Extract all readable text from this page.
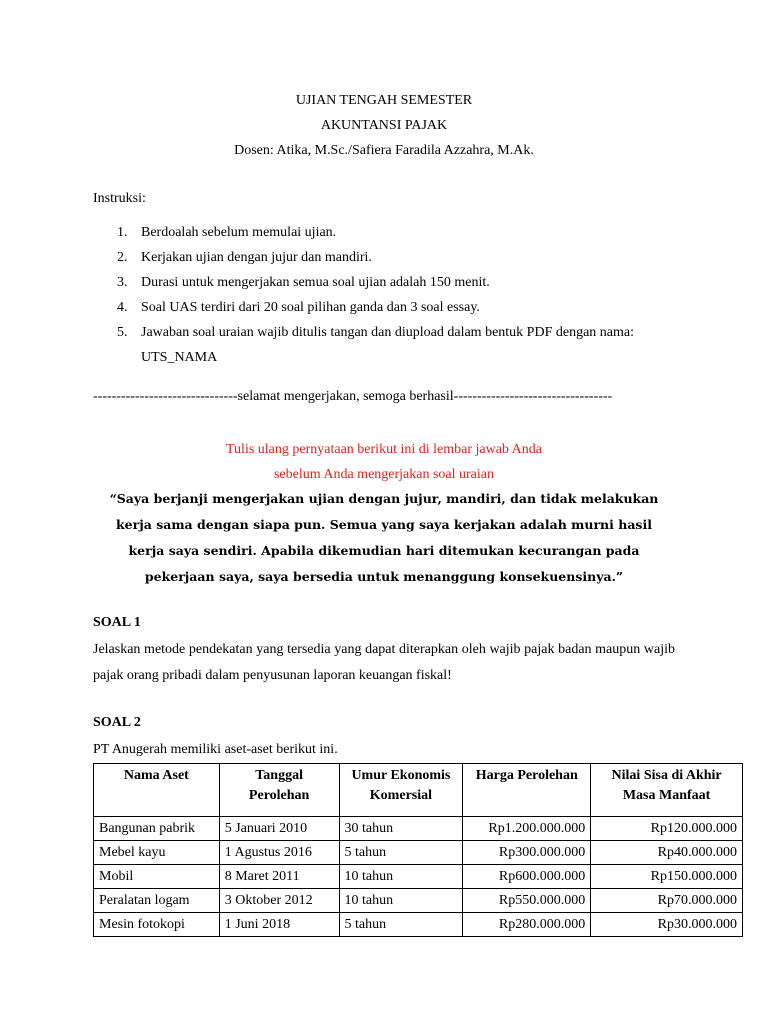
UJIAN TENGAH SEMESTER
AKUNTANSI PAJAK
Dosen: Atika, M.Sc./Safiera Faradila Azzahra, M.Ak.
Instruksi:
1. Berdoalah sebelum memulai ujian.
2. Kerjakan ujian dengan jujur dan mandiri.
3. Durasi untuk mengerjakan semua soal ujian adalah 150 menit.
4. Soal UAS terdiri dari 20 soal pilihan ganda dan 3 soal essay.
5. Jawaban soal uraian wajib ditulis tangan dan diupload dalam bentuk PDF dengan nama:
UTS_NAMA
-------------------------------selamat mengerjakan, semoga berhasil----------------------------------
Tulis ulang pernyataan berikut ini di lembar jawab Anda
sebelum Anda mengerjakan soal uraian
“Saya berjanji mengerjakan ujian dengan jujur, mandiri, dan tidak melakukan kerja sama dengan siapa pun. Semua yang saya kerjakan adalah murni hasil kerja saya sendiri. Apabila dikemudian hari ditemukan kecurangan pada pekerjaan saya, saya bersedia untuk menanggung konsekuensinya.”
SOAL 1
Jelaskan metode pendekatan yang tersedia yang dapat diterapkan oleh wajib pajak badan maupun wajib pajak orang pribadi dalam penyusunan laporan keuangan fiskal!
SOAL 2
PT Anugerah memiliki aset-aset berikut ini.
Nama Aset	Tanggal Perolehan	Umur Ekonomis Komersial	Harga Perolehan	Nilai Sisa di Akhir Masa Manfaat
Bangunan pabrik	5 Januari 2010	30 tahun	Rp1.200.000.000	Rp120.000.000
Mebel kayu	1 Agustus 2016	5 tahun	Rp300.000.000	Rp40.000.000
Mobil	8 Maret 2011	10 tahun	Rp600.000.000	Rp150.000.000
Peralatan logam	3 Oktober 2012	10 tahun	Rp550.000.000	Rp70.000.000
Mesin fotokopi	1 Juni 2018	5 tahun	Rp280.000.000	Rp30.000.000
